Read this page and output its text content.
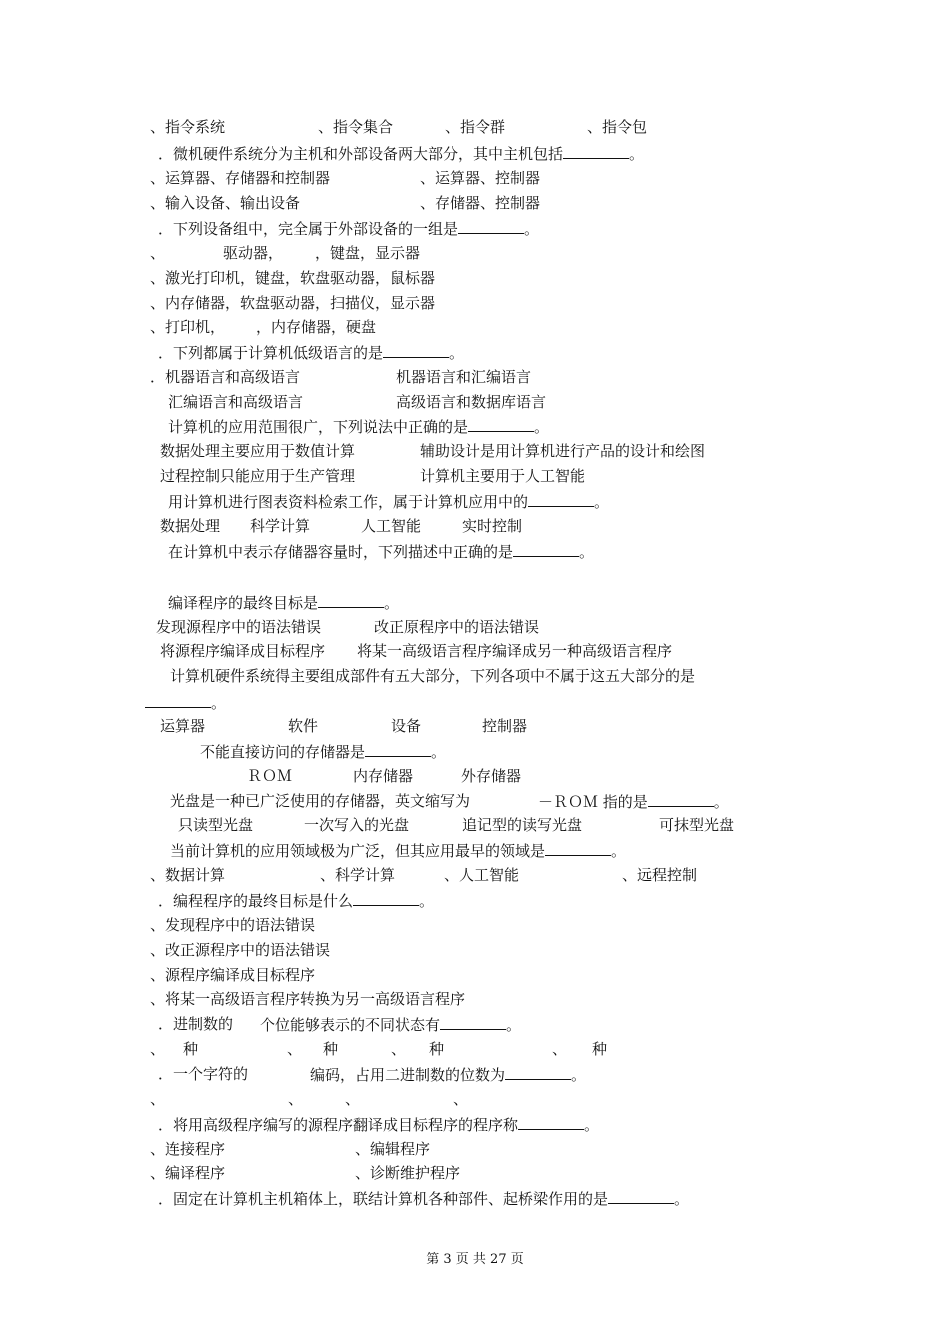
、指令系统	、指令集合	、指令群	、指令包
．微机硬件系统分为主机和外部设备两大部分，其中主机包括	。
、运算器、存储器和控制器	、运算器、控制器
、输入设备、输出设备	、存储器、控制器
．下列设备组中，完全属于外部设备的一组是	。
、	驱动器， ，键盘，显示器
、激光打印机，键盘，软盘驱动器，鼠标器
、内存储器，软盘驱动器，扫描仪，显示器
、打印机， ，内存储器，硬盘
．下列都属于计算机低级语言的是	。
．机器语言和高级语言	机器语言和汇编语言
汇编语言和高级语言	高级语言和数据库语言
计算机的应用范围很广，下列说法中正确的是	。
数据处理主要应用于数值计算	辅助设计是用计算机进行产品的设计和绘图
过程控制只能应用于生产管理	计算机主要用于人工智能
用计算机进行图表资料检索工作，属于计算机应用中的	。
数据处理 科学计算	人工智能	实时控制
在计算机中表示存储器容量时，下列描述中正确的是	。
编译程序的最终目标是	。
发现源程序中的语法错误	改正原程序中的语法错误
将源程序编译成目标程序 将某一高级语言程序编译成另一种高级语言程序
计算机硬件系统得主要组成部件有五大部分，下列各项中不属于这五大部分的是
。
运算器	软件	设备	控制器
不能直接访问的存储器是	。
ＲＯＭ	内存储器	外存储器
光盘是一种已广泛使用的存储器，英文缩写为	－ＲＯＭ 指的是	。
只读型光盘	一次写入的光盘	追记型的读写光盘	可抹型光盘
当前计算机的应用领域极为广泛，但其应用最早的领域是	。
、数据计算	、科学计算	、人工智能	、远程控制
．编程程序的最终目标是什么	。
、发现程序中的语法错误
、改正源程序中的语法错误
、源程序编译成目标程序
、将某一高级语言程序转换为另一高级语言程序
．进制数的 个位能够表示的不同状态有	。
、 种	、 种	、 种	、 种
．一个字符的	编码，占用二进制数的位数为	。
、	、	、	、
．将用高级程序编写的源程序翻译成目标程序的程序称	。
、连接程序	、编辑程序
、编译程序	、诊断维护程序
．固定在计算机主机箱体上，联结计算机各种部件、起桥梁作用的是	。
第 3 页 共 27 页
